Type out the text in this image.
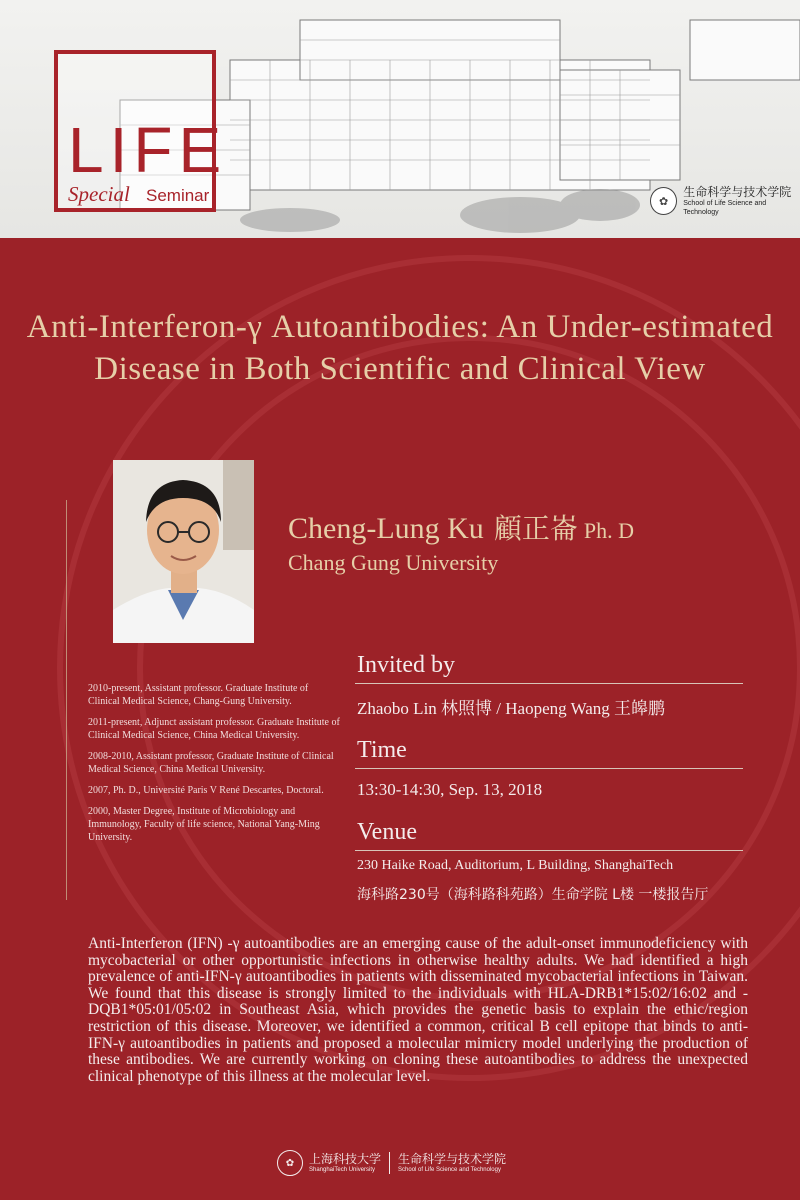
LIFE
Special Seminar	✿
生命科学与技术学院
School of Life Science and Technology
Anti-Interferon-γ Autoantibodies: An Under-estimated Disease in Both Scientific and Clinical View
Cheng-Lung Ku 顧正崙 Ph. D
Chang Gung University
2010-present, Assistant professor. Graduate Institute of Clinical Medical Science, Chang-Gung University.
2011-present, Adjunct assistant professor. Graduate Institute of Clinical Medical Science, China Medical University.
2008-2010, Assistant professor, Graduate Institute of Clinical Medical Science, China Medical University.
2007, Ph. D., Université Paris V René Descartes, Doctoral.
2000, Master Degree, Institute of Microbiology and Immunology, Faculty of life science, National Yang-Ming University.
Invited by
Zhaobo Lin 林照博 / Haopeng Wang 王皞鹏
Time
13:30-14:30, Sep. 13, 2018
Venue
230 Haike Road, Auditorium, L Building, ShanghaiTech
海科路230号（海科路科苑路）生命学院 L楼 一楼报告厅
Anti-Interferon (IFN) -γ autoantibodies are an emerging cause of the adult-onset immunodeficiency with mycobacterial or other opportunistic infections in otherwise healthy adults. We had identified a high prevalence of anti-IFN-γ autoantibodies in patients with disseminated mycobacterial infections in Taiwan. We found that this disease is strongly limited to the individuals with HLA-DRB1*15:02/16:02 and -DQB1*05:01/05:02 in Southeast Asia, which provides the genetic basis to explain the ethic/region restriction of this disease. Moreover, we identified a common, critical B cell epitope that binds to anti-IFN-γ autoantibodies in patients and proposed a molecular mimicry model underlying the production of these antibodies. We are currently working on cloning these autoantibodies to address the unexpected clinical phenotype of this illness at the molecular level.
✿	上海科技大学
ShanghaiTech University
生命科学与技术学院
School of Life Science and Technology
